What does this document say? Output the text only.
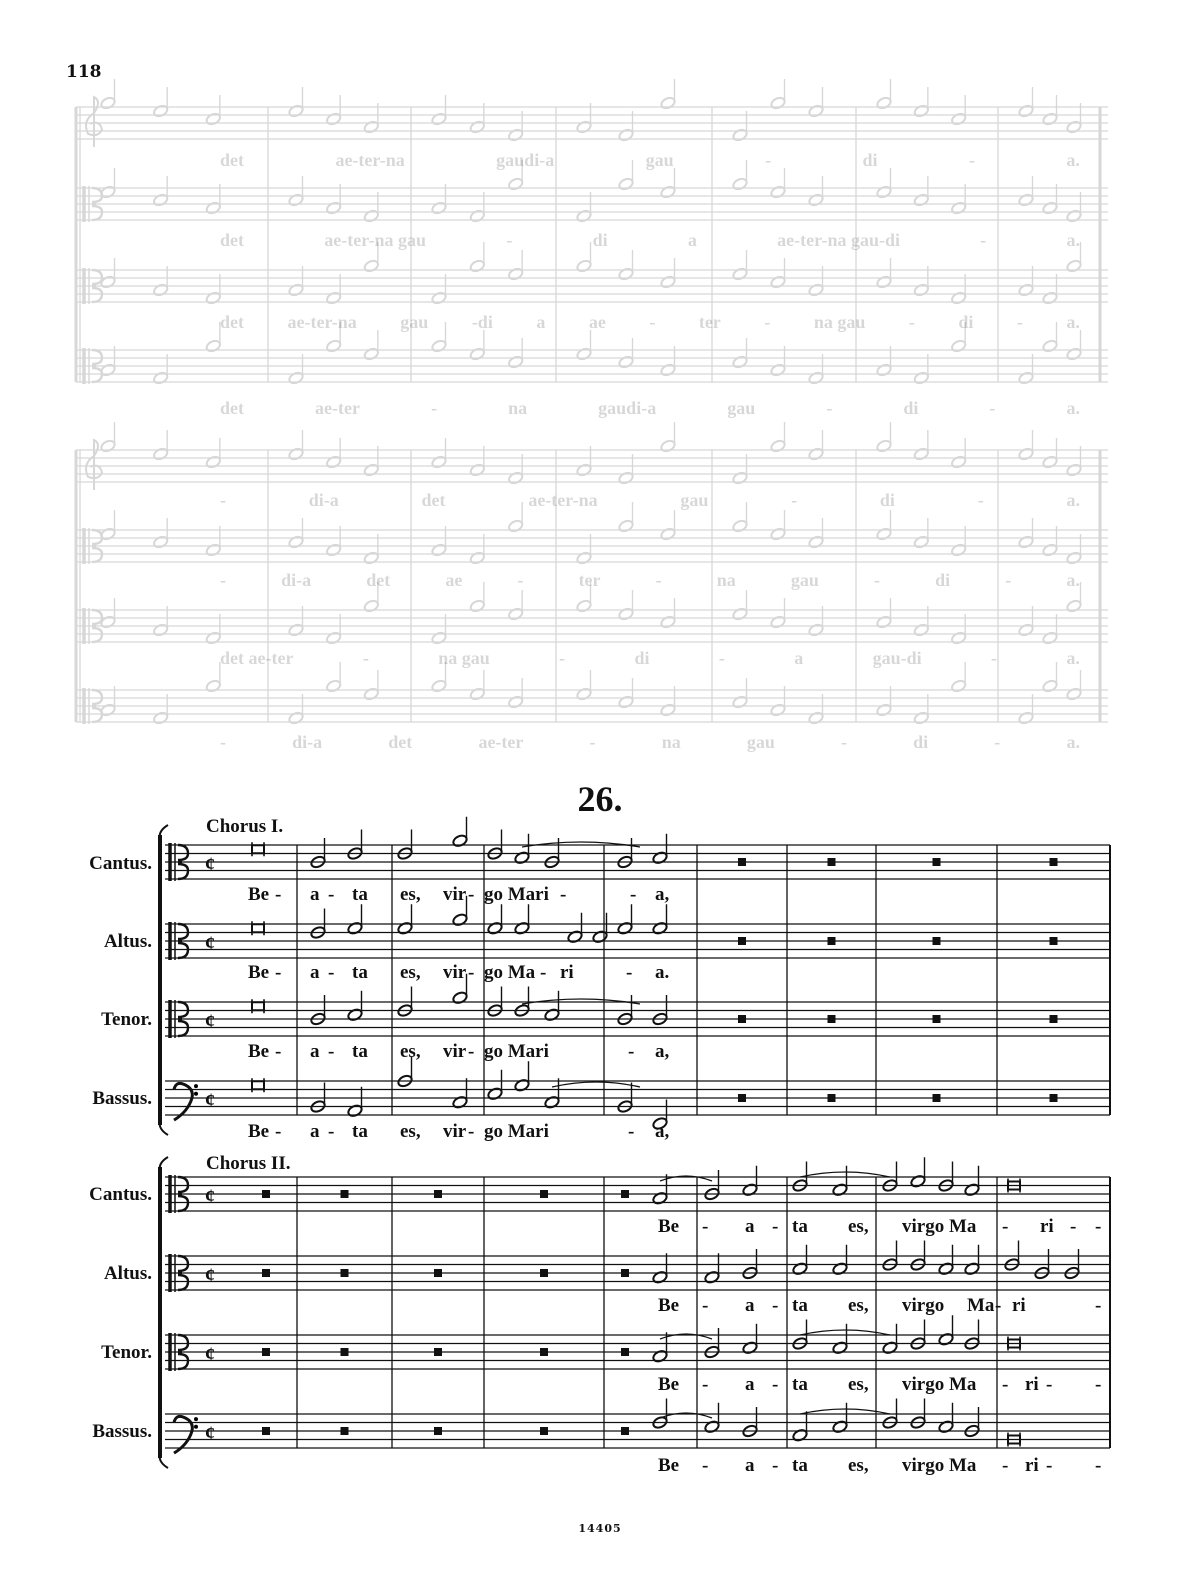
118
14405
26.
Chorus I.
Chorus II.
Cantus.
Altus.
Tenor.
Bassus.
Cantus.
Altus.
Tenor.
Bassus.
¢
¢
¢
¢
¢
¢
¢
¢
det	ae-ter-na	gaudi-a	gau	-	di	-	a.
det	ae-ter-na gau	-	di	a	ae-ter-na gau-di	-	a.
det ae-ter-na gau -di a ae - ter - na gau - di - a.
det	ae-ter	-	na	gaudi-a	gau	-	di	-	a.
-	di-a	det	ae-ter-na	gau	-	di	-	a.
-	di-a	det	ae	-	ter	-	na	gau	-	di	-	a.
det ae-ter	-	na gau	-	di	-	a	gau-di	-	a.
-	di-a	det	ae-ter	-	na	gau	-	di	-	a.
Be - a - ta es, vir - go Mari -	- a,
Be - a - ta es, vir - go Ma - ri	- a.
Be - a - ta es, vir - go Mari	- a,
Be - a - ta es, vir - go Mari	- a,
Be - a - ta es, virgo Ma - ri - -
Be - a - ta es, virgo Ma - ri	-
Be - a - ta es, virgo Ma - ri - -
Be - a - ta es, virgo Ma - ri - -
